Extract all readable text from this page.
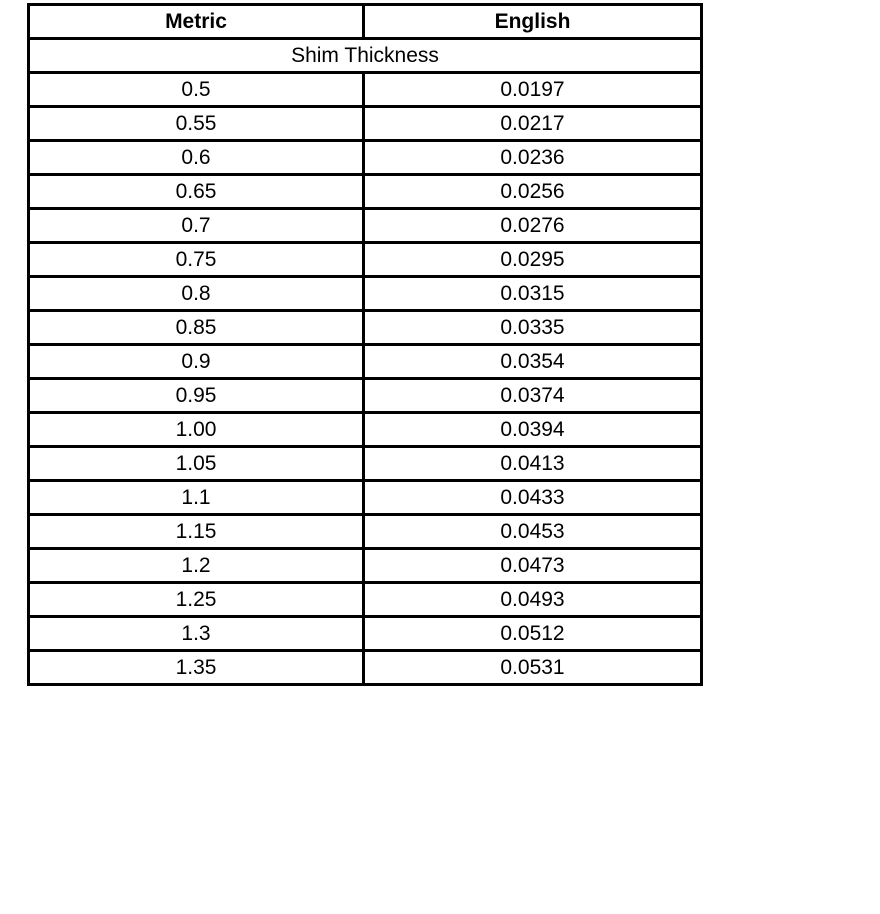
Metric	English
Shim Thickness	
0.5	0.0197
0.55	0.0217
0.6	0.0236
0.65	0.0256
0.7	0.0276
0.75	0.0295
0.8	0.0315
0.85	0.0335
0.9	0.0354
0.95	0.0374
1.00	0.0394
1.05	0.0413
1.1	0.0433
1.15	0.0453
1.2	0.0473
1.25	0.0493
1.3	0.0512
1.35	0.0531
